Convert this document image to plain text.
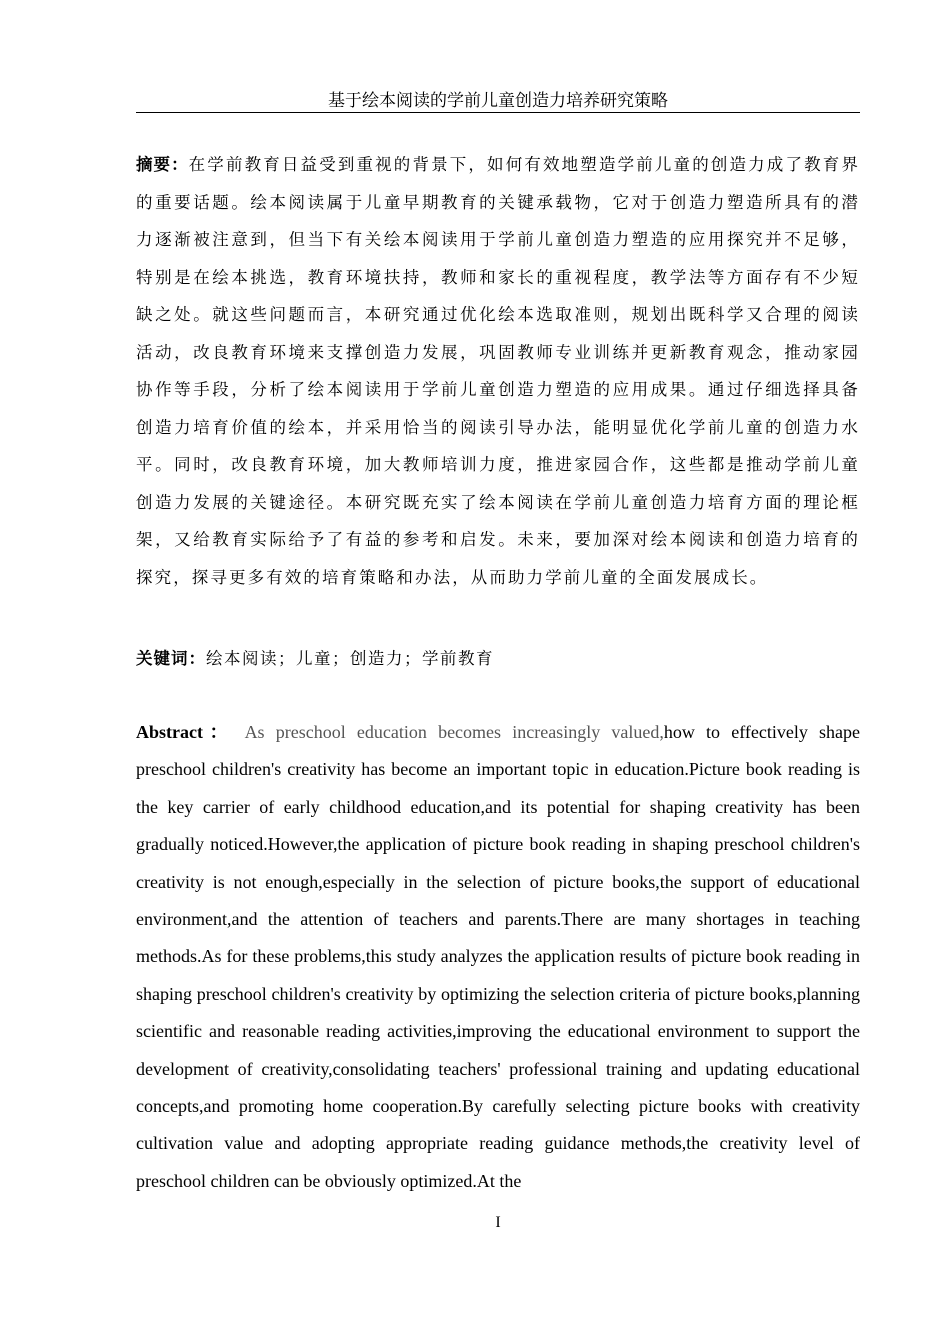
基于绘本阅读的学前儿童创造力培养研究策略

摘要：在学前教育日益受到重视的背景下，如何有效地塑造学前儿童的创造力成了教育界的重要话题。绘本阅读属于儿童早期教育的关键承载物，它对于创造力塑造所具有的潜力逐渐被注意到，但当下有关绘本阅读用于学前儿童创造力塑造的应用探究并不足够，特别是在绘本挑选，教育环境扶持，教师和家长的重视程度，教学法等方面存有不少短缺之处。就这些问题而言，本研究通过优化绘本选取准则，规划出既科学又合理的阅读活动，改良教育环境来支撑创造力发展，巩固教师专业训练并更新教育观念，推动家园协作等手段，分析了绘本阅读用于学前儿童创造力塑造的应用成果。通过仔细选择具备创造力培育价值的绘本，并采用恰当的阅读引导办法，能明显优化学前儿童的创造力水平。同时，改良教育环境，加大教师培训力度，推进家园合作，这些都是推动学前儿童创造力发展的关键途径。本研究既充实了绘本阅读在学前儿童创造力培育方面的理论框架，又给教育实际给予了有益的参考和启发。未来，要加深对绘本阅读和创造力培育的探究，探寻更多有效的培育策略和办法，从而助力学前儿童的全面发展成长。

关键词：绘本阅读；儿童；创造力；学前教育

Abstract： As preschool education becomes increasingly valued,how to effectively shape preschool children's creativity has become an important topic in education.Picture book reading is the key carrier of early childhood education,and its potential for shaping creativity has been gradually noticed.However,the application of picture book reading in shaping preschool children's creativity is not enough,especially in the selection of picture books,the support of educational environment,and the attention of teachers and parents.There are many shortages in teaching methods.As for these problems,this study analyzes the application results of picture book reading in shaping preschool children's creativity by optimizing the selection criteria of picture books,planning scientific and reasonable reading activities,improving the educational environment to support the development of creativity,consolidating teachers' professional training and updating educational concepts,and promoting home cooperation.By carefully selecting picture books with creativity cultivation value and adopting appropriate reading guidance methods,the creativity level of preschool children can be obviously optimized.At the

I
